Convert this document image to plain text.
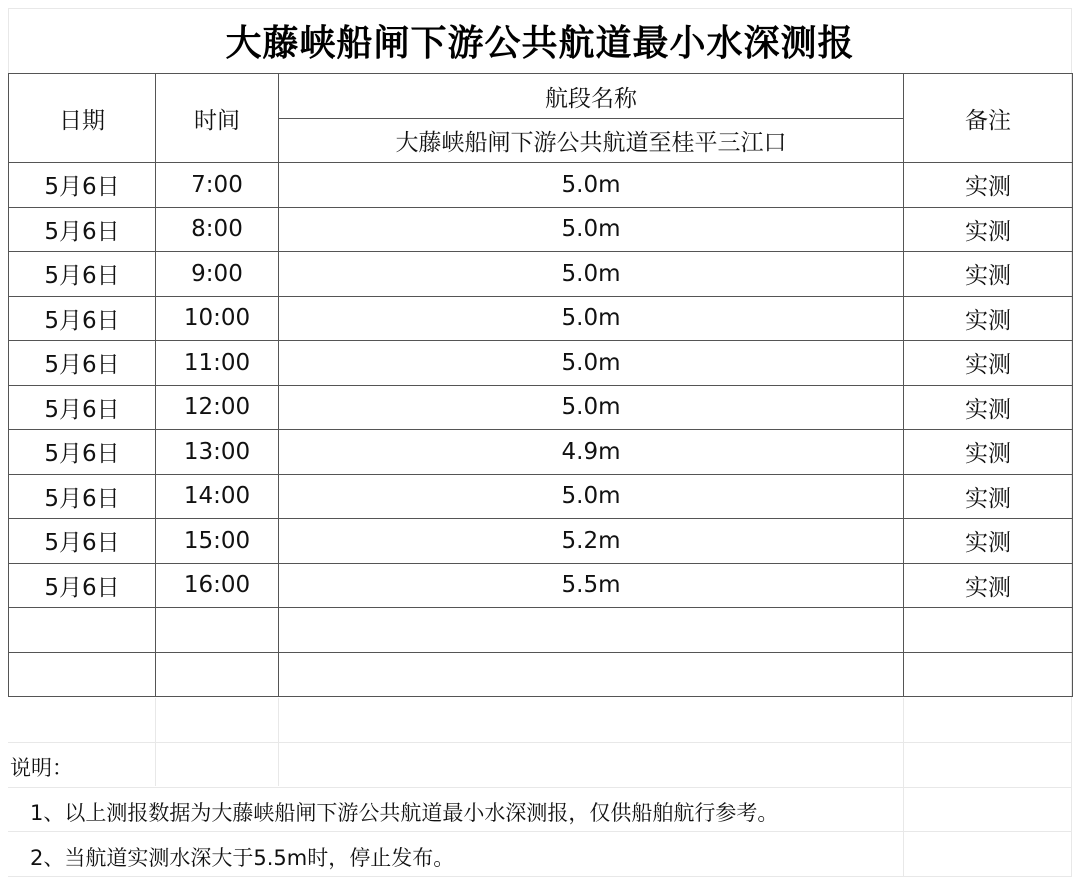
大藤峡船闸下游公共航道最小水深测报
日期	时间	航段名称	备注
		大藤峡船闸下游公共航道至桂平三江口	
5月6日	7:00	5.0m	实测
5月6日	8:00	5.0m	实测
5月6日	9:00	5.0m	实测
5月6日	10:00	5.0m	实测
5月6日	11:00	5.0m	实测
5月6日	12:00	5.0m	实测
5月6日	13:00	4.9m	实测
5月6日	14:00	5.0m	实测
5月6日	15:00	5.2m	实测
5月6日	16:00	5.5m	实测

说明：
1、以上测报数据为大藤峡船闸下游公共航道最小水深测报，仅供船舶航行参考。
2、当航道实测水深大于5.5m时，停止发布。
